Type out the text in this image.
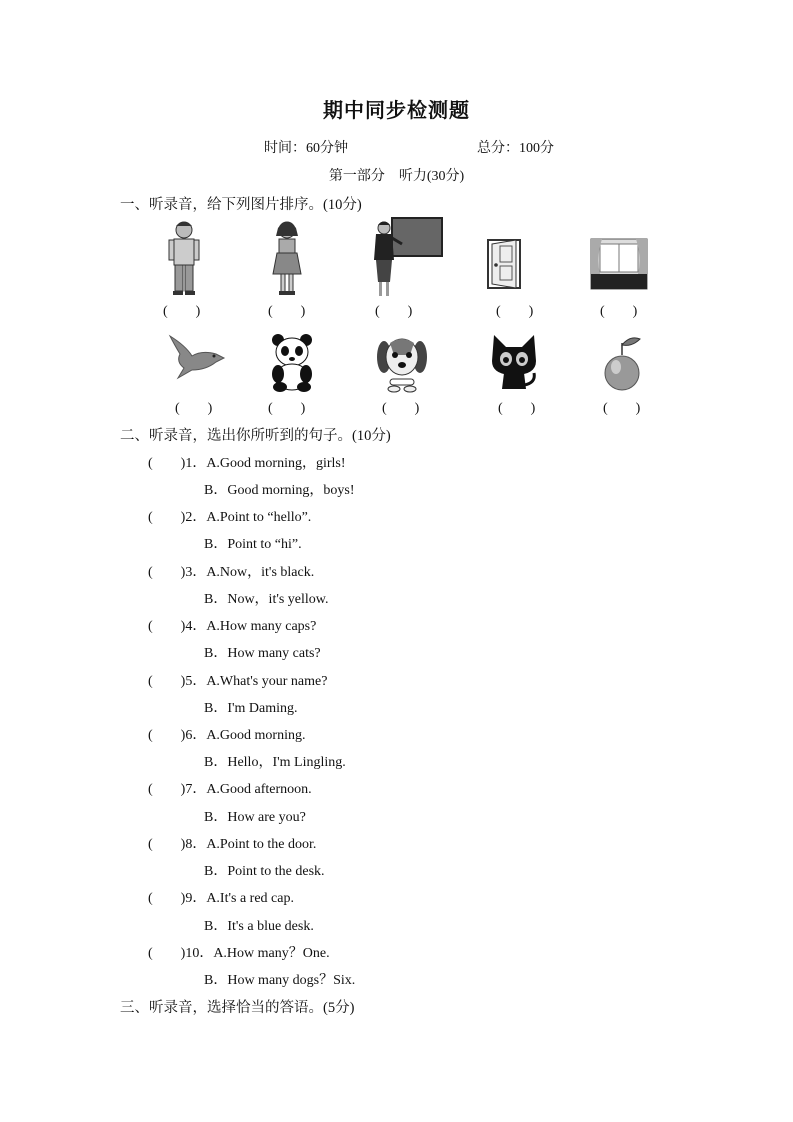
期中同步检测题
时间：60分钟	总分：100分
第一部分　听力(30分)
一、听录音，给下列图片排序。(10分)
(　　)	(　　)	(　　)	(　　)	(　　)
(　　)	(　　)	(　　)	(　　)	(　　)
二、听录音，选出你所听到的句子。(10分)
(　　)1．A.Good morning，girls!
B．Good morning，boys!
(　　)2．A.Point to “hello”.
B．Point to “hi”.
(　　)3．A.Now，it's black.
B．Now，it's yellow.
(　　)4．A.How many caps?
B．How many cats?
(　　)5．A.What's your name?
B．I'm Daming.
(　　)6．A.Good morning.
B．Hello，I'm Lingling.
(　　)7．A.Good afternoon.
B．How are you?
(　　)8．A.Point to the door.
B．Point to the desk.
(　　)9．A.It's a red cap.
B．It's a blue desk.
(　　)10．A.How many？One.
B．How many dogs？Six.
三、听录音，选择恰当的答语。(5分)
